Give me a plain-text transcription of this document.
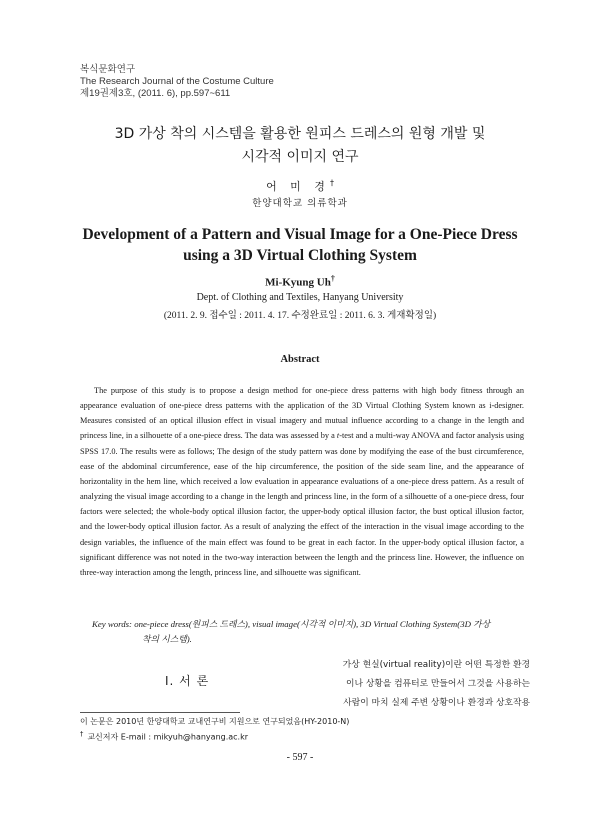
복식문화연구
The Research Journal of the Costume Culture
제19권제3호, (2011. 6), pp.597~611
3D 가상 착의 시스템을 활용한 원피스 드레스의 원형 개발 및
시각적 이미지 연구
어 미 경†
한양대학교 의류학과
Development of a Pattern and Visual Image for a One-Piece Dress
using a 3D Virtual Clothing System
Mi-Kyung Uh†
Dept. of Clothing and Textiles, Hanyang University
(2011. 2. 9. 접수일 : 2011. 4. 17. 수정완료일 : 2011. 6. 3. 게재확정일)
Abstract

The purpose of this study is to propose a design method for one-piece dress patterns with high body fitness through an appearance evaluation of one-piece dress patterns with the application of the 3D Virtual Clothing System known as i-designer. Measures consisted of an optical illusion effect in visual imagery and mutual influence according to a change in the length and princess line, in a silhouette of a one-piece dress. The data was assessed by a t-test and a multi-way ANOVA and factor analysis using SPSS 17.0. The results were as follows; The design of the study pattern was done by modifying the ease of the bust circumference, ease of the abdominal circumference, ease of the hip circumference, the position of the side seam line, and the appearance of horizontality in the hem line, which received a low evaluation in appearance evaluations of a one-piece dress pattern. As a result of analyzing the visual image according to a change in the length and princess line, in the form of a silhouette of a one-piece dress, four factors were selected; the whole-body optical illusion factor, the upper-body optical illusion factor, the bust optical illusion factor, and the lower-body optical illusion factor. As a result of analyzing the effect of the interaction in the visual image according to the design variables, the influence of the main effect was found to be great in each factor. In the upper-body optical illusion factor, a significant difference was not noted in the two-way interaction between the length and the princess line. However, the influence on three-way interaction among the length, princess line, and silhouette was significant.

Key words: one-piece dress(원피스 드레스), visual image(시각적 이미지), 3D Virtual Clothing System(3D 가상
착의 시스템).
Ⅰ. 서 론
가상 현실(virtual reality)이란 어떤 특정한 환경
이나 상황을 컴퓨터로 만들어서 그것을 사용하는
사람이 마치 실제 주변 상황이나 환경과 상호작용
이 논문은 2010년 한양대학교 교내연구비 지원으로 연구되었음(HY-2010-N)
† 교신저자 E-mail : mikyuh@hanyang.ac.kr
- 597 -
